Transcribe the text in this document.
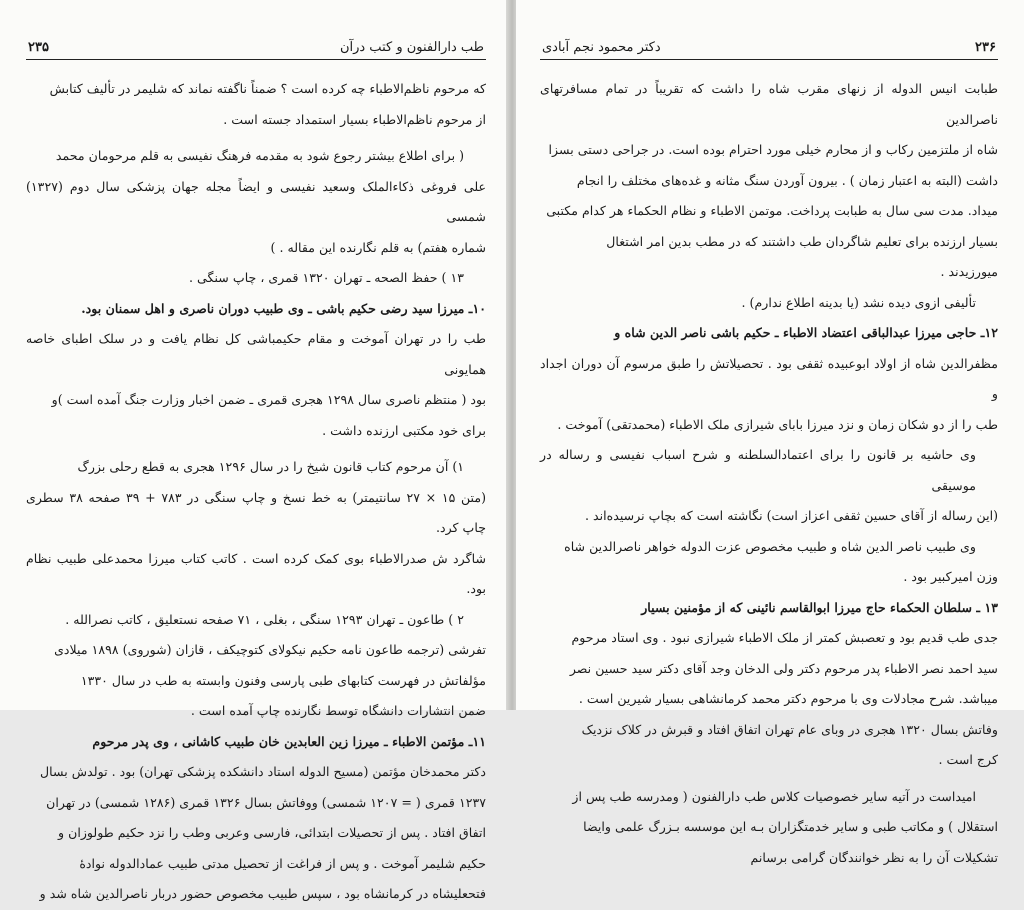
۲۳۵	طب دارالفنون و کتب درآن

که مرحوم ناظم‌الاطباء چه کرده است ؟ ضمناً ناگفته نماند که شلیمر در تألیف کتابش

از مرحوم ناظم‌الاطباء بسیار استمداد جسته است .

( برای اطلاع بیشتر رجوع شود به مقدمه فرهنگ نفیسی به قلم مرحومان محمد

علی فروغی ذکاءالملک وسعید نفیسی و ایضاً مجله جهان پزشکی سال دوم (۱۳۲۷) شمسی

شماره هفتم) به قلم نگارنده این مقاله . )

۱۳ ) حفظ الصحه ـ تهران ۱۳۲۰ قمری ، چاپ سنگی .

۱۰ـ میرزا سید رضی حکیم باشی ـ وی طبیب دوران ناصری و اهل سمنان بود.

طب را در تهران آموخت و مقام حکیمباشی کل نظام یافت و در سلک اطبای خاصه همایونی

بود ( منتظم ناصری سال ۱۲۹۸ هجری قمری ـ ضمن اخبار وزارت جنگ آمده است )و

برای خود مکتبی ارزنده داشت .

۱) آن مرحوم کتاب قانون شیخ را در سال ۱۲۹۶ هجری به قطع رحلی بزرگ

(متن ۱۵ × ۲۷ سانتیمتر) به خط نسخ و چاپ سنگی در ۷۸۳ + ۳۹ صفحه ۳۸ سطری چاپ کرد.

شاگرد ش صدرالاطباء بوی کمک کرده است . کاتب کتاب میرزا محمدعلی طبیب نظام بود.

۲ ) طاعون ـ تهران ۱۲۹۳ سنگی ، بغلی ، ۷۱ صفحه نستعلیق ، کاتب نصرالله .

تفرشی (ترجمه طاعون نامه حکیم نیکولای کتوچیکف ، قازان (شوروی) ۱۸۹۸ میلادی

مؤلفاتش در فهرست کتابهای طبی پارسی وفنون وابسته به طب در سال ۱۳۳۰

ضمن انتشارات دانشگاه توسط نگارنده چاپ آمده است .

۱۱ـ مؤتمن الاطباء ـ میرزا زین العابدین خان طبیب کاشانی ، وی پدر مرحوم

دکتر محمدخان مؤتمن (مسیح الدوله استاد دانشکده پزشکی تهران) بود . تولدش بسال

۱۲۳۷ قمری ( = ۱۲۰۷ شمسی) ووفاتش بسال ۱۳۲۶ قمری (۱۲۸۶ شمسی) در تهران

اتفاق افتاد . پس از تحصیلات ابتدائی، فارسی وعربی وطب را نزد حکیم طولوزان و

حکیم شلیمر آموخت . و پس از فراغت از تحصیل مدتی طبیب عمادالدوله نوادهٔ

فتحعلیشاه در کرمانشاه بود ، سپس طبیب مخصوص حضور دربار ناصرالدین شاه شد و

دکتر محمود نجم آبادی	۲۳۶

طبابت انیس الدوله از زنهای مقرب شاه را داشت که تقریباً در تمام مسافرتهای ناصرالدین

شاه از ملتزمین رکاب و از محارم خیلی مورد احترام بوده است. در جراحی دستی بسزا

داشت (البته به اعتبار زمان ) . بیرون آوردن سنگ مثانه و غده‌های مختلف را انجام

میداد. مدت سی سال به طبابت پرداخت. موتمن الاطباء و نظام الحکماء هر کدام مکتبی

بسیار ارزنده برای تعلیم شاگردان طب داشتند که در مطب بدین امر اشتغال

میورزیدند .

تألیفی ازوی دیده نشد (یا بدینه اطلاع ندارم) .

۱۲ـ حاجی میرزا عبدالباقی اعتضاد الاطباء ـ حکیم باشی ناصر الدین شاه و

مظفرالدین شاه از اولاد ابوعبیده ثقفی بود . تحصیلاتش را طبق مرسوم آن دوران اجداد و

طب را از دو شکان زمان و نزد میرزا بابای شیرازی ملک الاطباء (محمدتقی) آموخت .

وی حاشیه بر قانون را برای اعتمادالسلطنه و شرح اسباب نفیسی و رساله در موسیقی

(این رساله از آقای حسین ثقفی اعزاز است) نگاشته است که بچاپ نرسیده‌اند .

وی طبیب ناصر الدین شاه و طبیب مخصوص عزت الدوله خواهر ناصرالدین شاه

وزن امیرکبیر بود .

۱۳ ـ سلطان الحکماء حاج میرزا ابوالقاسم نائینی که از مؤمنین بسیار

جدی طب قدیم بود و تعصبش کمتر از ملک الاطباء شیرازی نبود . وی استاد مرحوم

سید احمد نصر الاطباء پدر مرحوم دکتر ولی الدخان وجد آقای دکتر سید حسین نصر

میباشد. شرح مجادلات وی با مرحوم دکتر محمد کرمانشاهی بسیار شیرین است .

وفاتش بسال ۱۳۲۰ هجری در وبای عام تهران اتفاق افتاد و قبرش در کلاک نزدیک

کرج است .

امیداست در آتیه سایر خصوصیات کلاس طب دارالفنون ( ومدرسه طب پس از

استقلال ) و مکاتب طبی و سایر خدمتگزاران بـه این موسسه بـزرگ علمی وایضا

تشکیلات آن را به نظر خوانندگان گرامی برسانم
